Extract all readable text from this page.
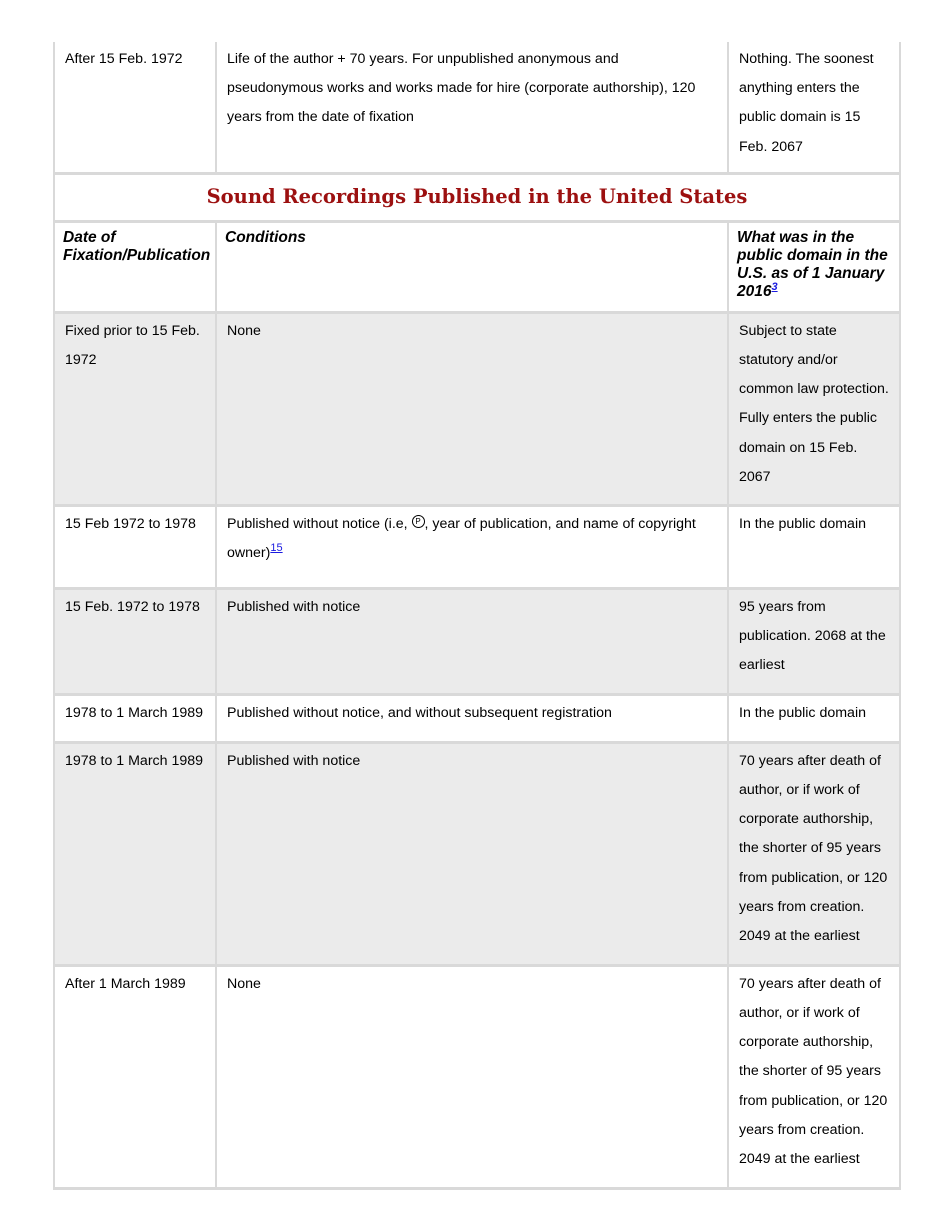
After 15 Feb. 1972	Life of the author + 70 years. For unpublished anonymous and pseudonymous works and works made for hire (corporate authorship), 120 years from the date of fixation	Nothing. The soonest anything enters the public domain is 15 Feb. 2067
Sound Recordings Published in the United States		
Date of Fixation/Publication	Conditions	What was in the public domain in the U.S. as of 1 January 2016$^3$
Fixed prior to 15 Feb. 1972	None	Subject to state statutory and/or common law protection. Fully enters the public domain on 15 Feb. 2067
15 Feb 1972 to 1978	Published without notice (i.e, P , year of publication, and name of copyright owner)$^{15}$	In the public domain
15 Feb. 1972 to 1978	Published with notice	95 years from publication. 2068 at the earliest
1978 to 1 March 1989	Published without notice, and without subsequent registration	In the public domain
1978 to 1 March 1989	Published with notice	70 years after death of author, or if work of corporate authorship, the shorter of 95 years from publication, or 120 years from creation. 2049 at the earliest
After 1 March 1989	None	70 years after death of author, or if work of corporate authorship, the shorter of 95 years from publication, or 120 years from creation. 2049 at the earliest
